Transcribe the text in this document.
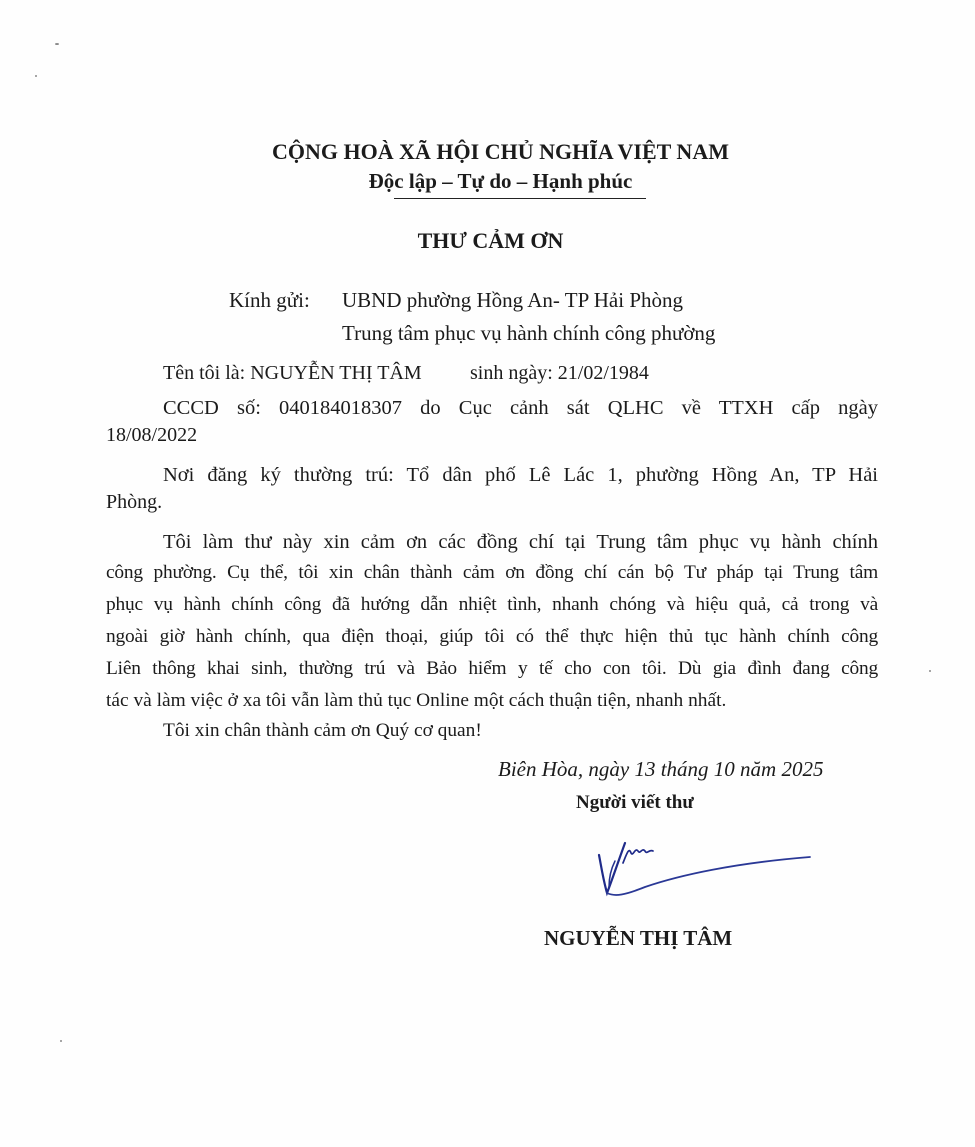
CỘNG HOÀ XÃ HỘI CHỦ NGHĨA VIỆT NAM
Độc lập – Tự do – Hạnh phúc
THƯ CẢM ƠN
Kính gửi: UBND phường Hồng An- TP Hải Phòng
Trung tâm phục vụ hành chính công phường
Tên tôi là: NGUYỄN THỊ TÂM sinh ngày: 21/02/1984
CCCD số: 040184018307 do Cục cảnh sát QLHC về TTXH cấp ngày
18/08/2022
Nơi đăng ký thường trú: Tổ dân phố Lê Lác 1, phường Hồng An, TP Hải
Phòng.
Tôi làm thư này xin cảm ơn các đồng chí tại Trung tâm phục vụ hành chính
công phường. Cụ thể, tôi xin chân thành cảm ơn đồng chí cán bộ Tư pháp tại Trung tâm
phục vụ hành chính công đã hướng dẫn nhiệt tình, nhanh chóng và hiệu quả, cả trong và
ngoài giờ hành chính, qua điện thoại, giúp tôi có thể thực hiện thủ tục hành chính công
Liên thông khai sinh, thường trú và Bảo hiểm y tế cho con tôi. Dù gia đình đang công
tác và làm việc ở xa tôi vẫn làm thủ tục Online một cách thuận tiện, nhanh nhất.
Tôi xin chân thành cảm ơn Quý cơ quan!
Biên Hòa, ngày 13 tháng 10 năm 2025
Người viết thư
NGUYỄN THỊ TÂM
